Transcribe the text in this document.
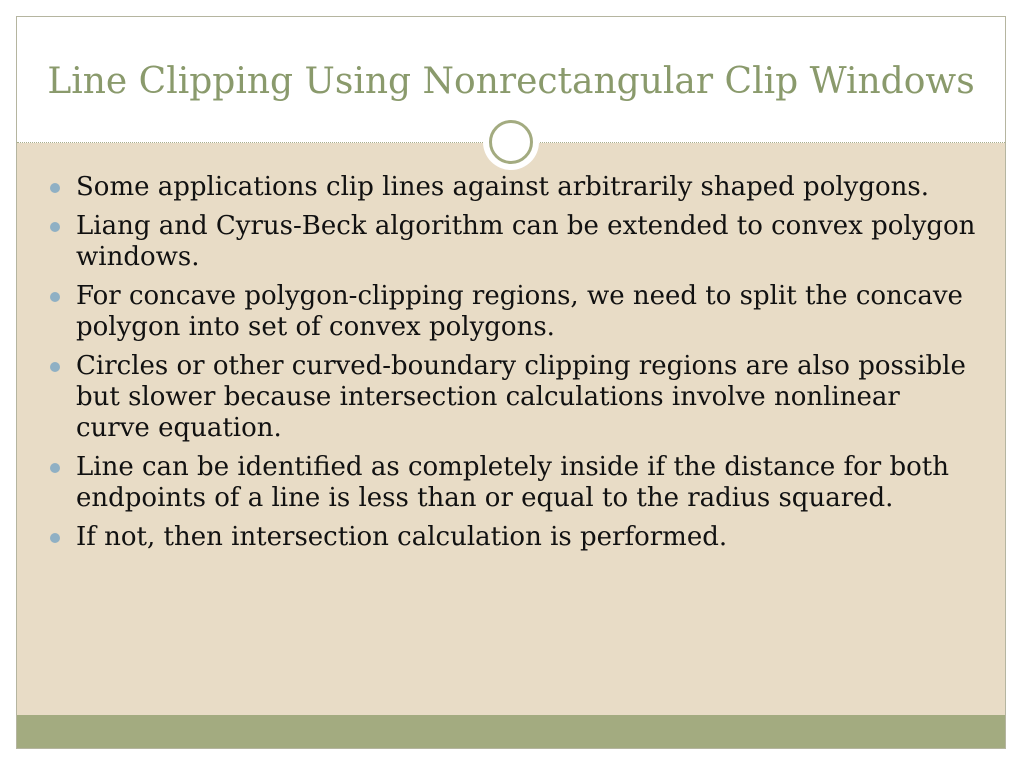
Line Clipping Using Nonrectangular Clip Windows
Some applications clip lines against arbitrarily shaped polygons.
Liang and Cyrus-Beck algorithm can be extended to convex polygon windows.
For concave polygon-clipping regions, we need to split the concave polygon into set of convex polygons.
Circles or other curved-boundary clipping regions are also possible but slower because intersection calculations involve nonlinear curve equation.
Line can be identified as completely inside if the distance for both endpoints of a line is less than or equal to the radius squared.
If not, then intersection calculation is performed.
